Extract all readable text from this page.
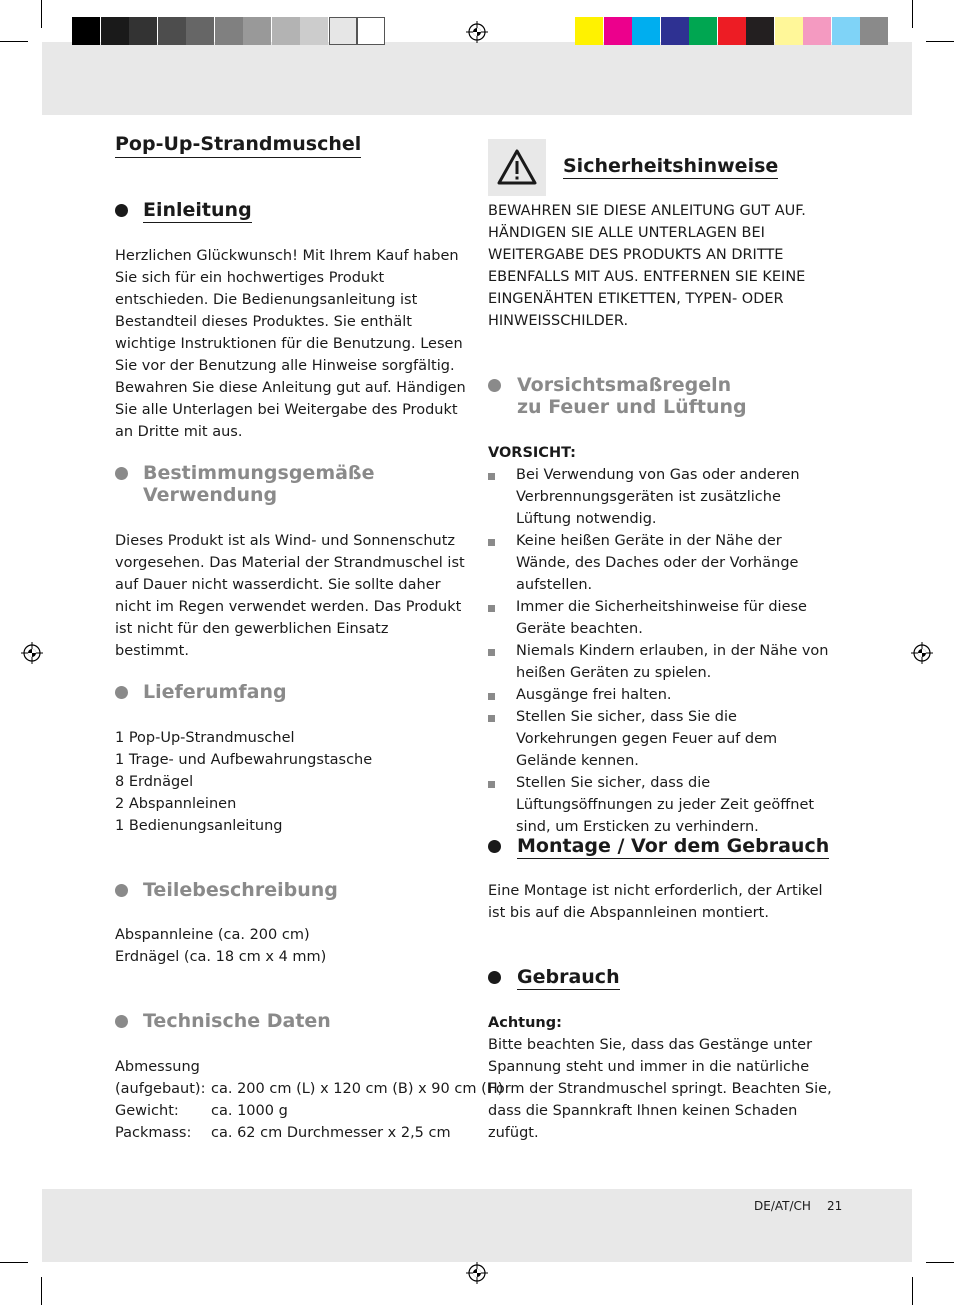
Pop-Up-Strandmuschel
Einleitung
Herzlichen Glückwunsch! Mit Ihrem Kauf haben Sie sich für ein hochwertiges Produkt entschieden. Die Bedienungsanleitung ist Bestandteil dieses Produktes. Sie enthält wichtige Instruktionen für die Benutzung. Lesen Sie vor der Benutzung alle Hinweise sorgfältig. Bewahren Sie diese Anleitung gut auf. Händigen Sie alle Unterlagen bei Weitergabe des Produkt an Dritte mit aus.
Bestimmungsgemäße
Verwendung
Dieses Produkt ist als Wind- und Sonnenschutz vorgesehen. Das Material der Strandmuschel ist auf Dauer nicht wasserdicht. Sie sollte daher nicht im Regen verwendet werden. Das Produkt ist nicht für den gewerblichen Einsatz bestimmt.
Lieferumfang

1 Pop-Up-Strandmuschel

1 Trage- und Aufbewahrungstasche

8 Erdnägel

2 Abspannleinen

1 Bedienungsanleitung

Teilebeschreibung

Abspannleine (ca. 200 cm)

Erdnägel (ca. 18 cm x 4 mm)

Technische Daten
Abmessung	
(aufgebaut):	ca. 200 cm (L) x 120 cm (B) x 90 cm (H)
Gewicht:	ca. 1000 g
Packmass:	ca. 62 cm Durchmesser x 2,5 cm
Sicherheitshinweise
BEWAHREN SIE DIESE ANLEITUNG GUT AUF. HÄNDIGEN SIE ALLE UNTERLAGEN BEI WEITERGABE DES PRODUKTS AN DRITTE EBENFALLS MIT AUS. ENTFERNEN SIE KEINE EINGENÄHTEN ETIKETTEN, TYPEN- ODER HINWEISSCHILDER.
Vorsichtsmaßregeln
zu Feuer und Lüftung
VORSICHT:
Bei Verwendung von Gas oder anderen Verbrennungsgeräten ist zusätzliche Lüftung notwendig.
Keine heißen Geräte in der Nähe der Wände, des Daches oder der Vorhänge aufstellen.
Immer die Sicherheitshinweise für diese Geräte beachten.
Niemals Kindern erlauben, in der Nähe von heißen Geräten zu spielen.
Ausgänge frei halten.
Stellen Sie sicher, dass Sie die Vorkehrungen gegen Feuer auf dem Gelände kennen.
Stellen Sie sicher, dass die Lüftungsöffnungen zu jeder Zeit geöffnet sind, um Ersticken zu verhindern.
Montage / Vor dem Gebrauch
Eine Montage ist nicht erforderlich, der Artikel ist bis auf die Abspannleinen montiert.
Gebrauch
Achtung:
Bitte beachten Sie, dass das Gestänge unter Spannung steht und immer in die natürliche Form der Strandmuschel springt. Beachten Sie, dass die Spannkraft Ihnen keinen Schaden zufügt.
DE/AT/CH 21
